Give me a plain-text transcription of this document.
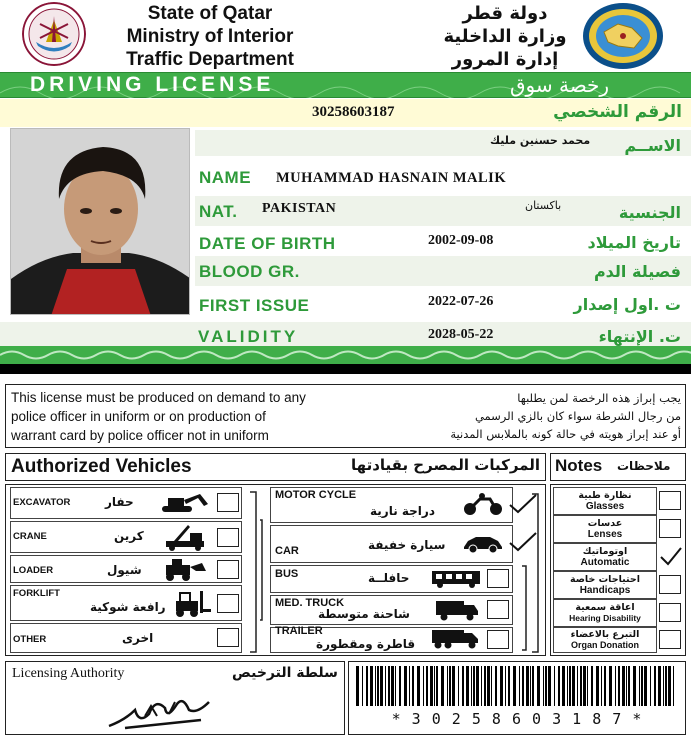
State of Qatar
Ministry of Interior
Traffic Department
دولة قطر
وزارة الداخلية
إدارة المرور
DRIVING LICENSE	رخصة سوق
30258603187	الرقم الشخصي
محمد حسنين مليك	الاســم
NAME MUHAMMAD HASNAIN MALIK
NAT. PAKISTAN	باكستان	الجنسية
DATE OF BIRTH	2002-09-08	تاريخ الميلاد
BLOOD GR.	فصيلة الدم
FIRST ISSUE	2022-07-26	ت .اول إصدار
VALIDITY	2028-05-22	ت. الإنتهاء
This license must be produced on demand to any
police officer in uniform or on production of
warrant card by police officer not in uniform
يجب إبراز هذه الرخصة لمن يطلبها
من رجال الشرطة سواء كان بالزي الرسمي
أو عند إبراز هويته في حالة كونه بالملابس المدنية
Authorized Vehicles	المركبات المصرح بقيادتها Notes ملاحظات
EXCAVATOR	حفار
CRANE	كرين
LOADER	شيول
FORKLIFT
رافعة شوكية
OTHER	اخرى
MOTOR CYCLE
دراجة نارية
CAR	سيارة خفيفة
BUS	حافلــة
MED. TRUCK
شاحنة متوسطة
TRAILER
قاطرة ومقطورة
نظارة طبية
Glasses
عدسات
Lenses
اوتوماتيك
Automatic
احتياجات خاصة
Handicaps
اعاقة سمعية
Hearing Disability
التبرع بالاعضاء
Organ Donation
Licensing Authority	سلطة الترخيص
* 3 0 2 5 8 6 0 3 1 8 7 *
